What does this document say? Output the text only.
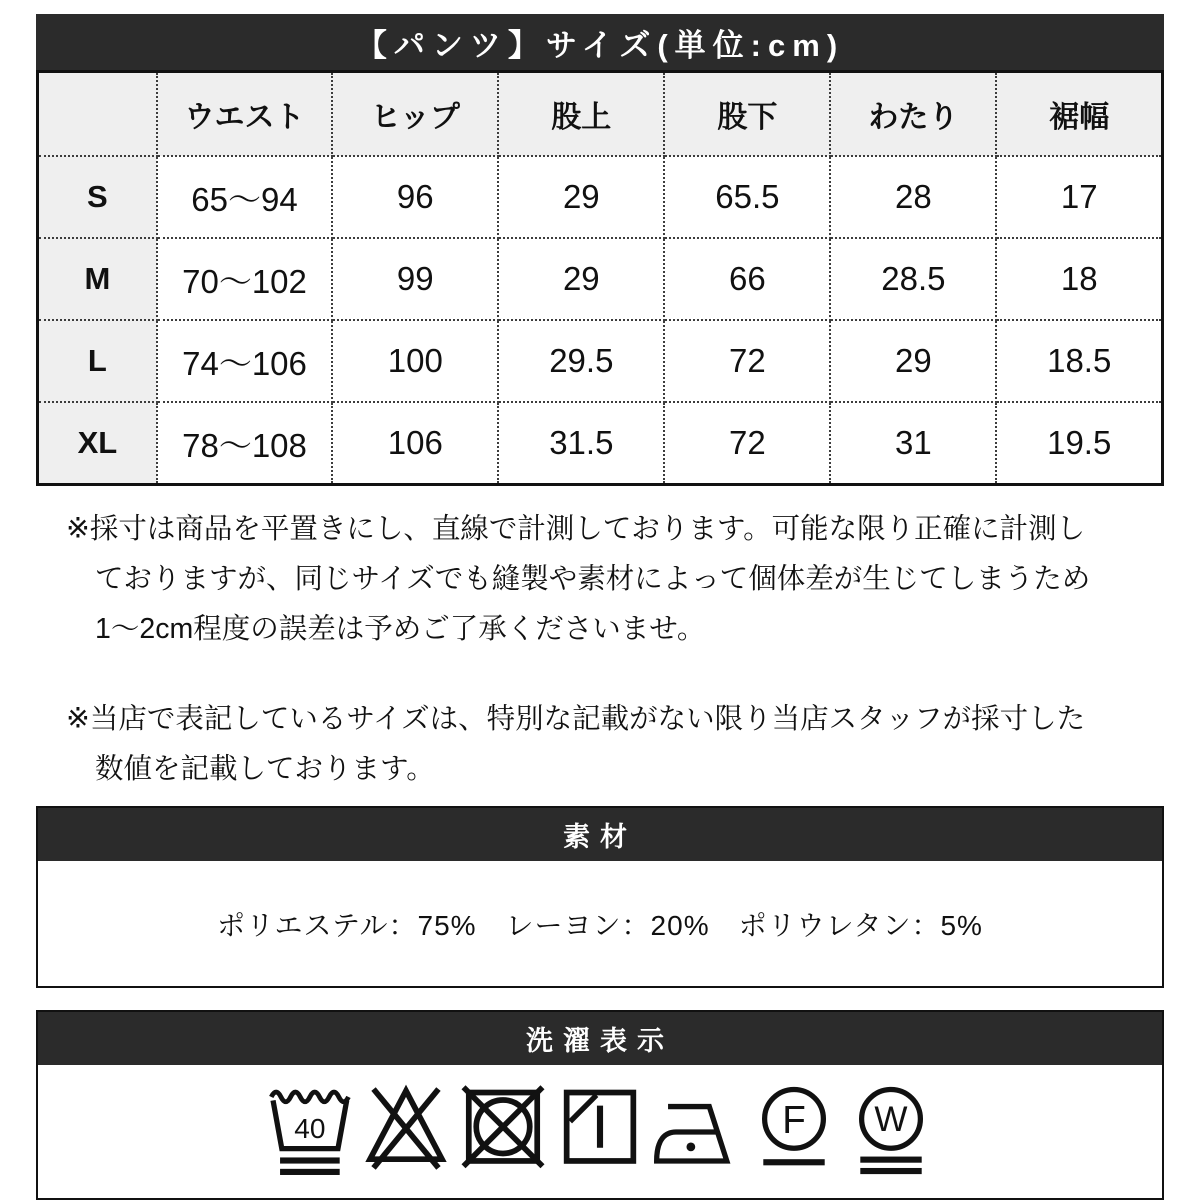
【パンツ】サイズ(単位:cm)
	ウエスト	ヒップ	股上	股下	わたり	裾幅
S	65〜94	96	29	65.5	28	17
M	70〜102	99	29	66	28.5	18
L	74〜106	100	29.5	72	29	18.5
XL	78〜108	106	31.5	72	31	19.5
※採寸は商品を平置きにし、直線で計測しております。可能な限り正確に計測し
ておりますが、同じサイズでも縫製や素材によって個体差が生じてしまうため
1〜2cm程度の誤差は予めご了承くださいませ。
※当店で表記しているサイズは、特別な記載がない限り当店スタッフが採寸した
数値を記載しております。
素材
ポリエステル：75%　レーヨン：20%　ポリウレタン：5%
洗濯表示
40	F W
